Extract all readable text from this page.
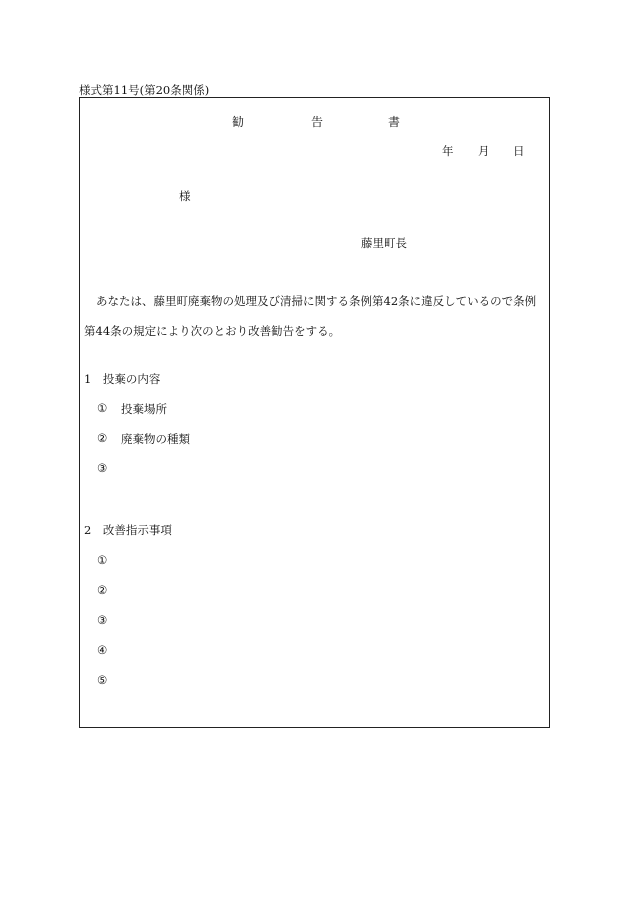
様式第11号(第20条関係)
勧	告	書
年 月 日
様
藤里町長
あなたは、藤里町廃棄物の処理及び清掃に関する条例第42条に違反しているので条例
第44条の規定により次のとおり改善勧告をする。
1　投棄の内容
① 投棄場所
② 廃棄物の種類
③
2　改善指示事項
①
②
③
④
⑤
